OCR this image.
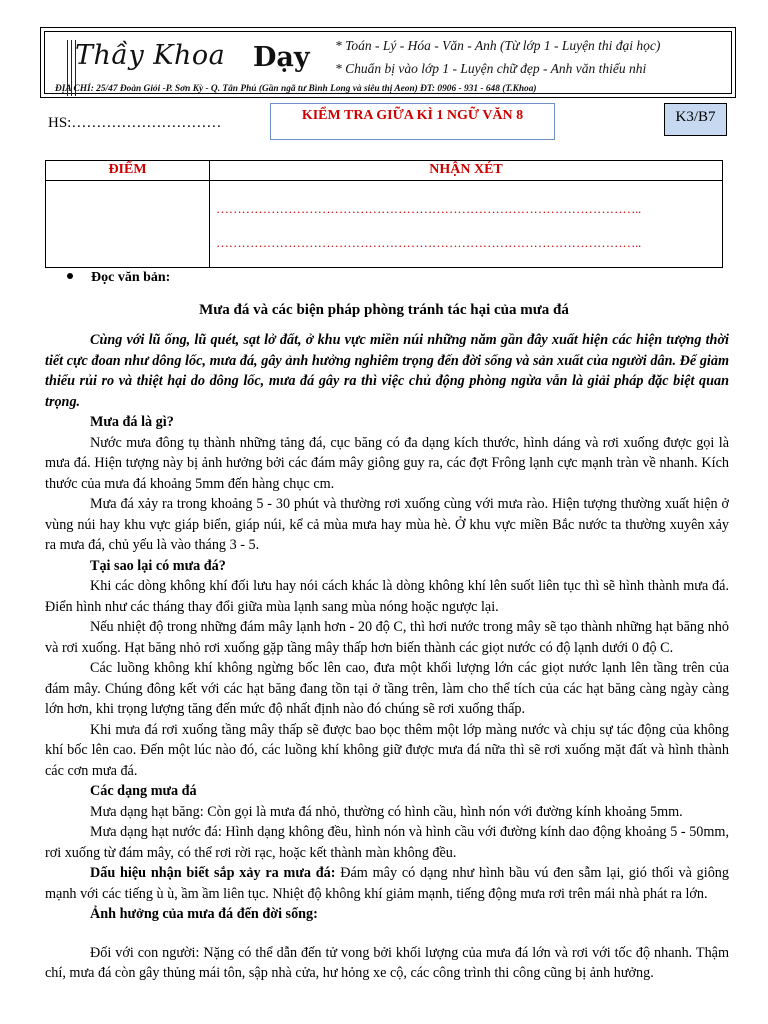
Thầy Khoa Dạy * Toán - Lý - Hóa - Văn - Anh (Từ lớp 1 - Luyện thi đại học)
* Chuẩn bị vào lớp 1 - Luyện chữ đẹp - Anh văn thiếu nhi
ĐỊA CHỈ: 25/47 Đoàn Giỏi -P. Sơn Kỳ - Q. Tân Phú (Gần ngã tư Bình Long và siêu thị Aeon) ĐT: 0906 - 931 - 648 (T.Khoa)
HS:…………………………	KIỂM TRA GIỮA KÌ 1 NGỮ VĂN 8	K3/B7
ĐIỂM	NHẬN XÉT
………………………………………………………………………………………..
………………………………………………………………………………………..
Đọc văn bản:
Mưa đá và các biện pháp phòng tránh tác hại của mưa đá

Cùng với lũ ống, lũ quét, sạt lở đất, ở khu vực miền núi những năm gần đây xuất hiện các hiện tượng thời tiết cực đoan như dông lốc, mưa đá, gây ảnh hưởng nghiêm trọng đến đời sống và sản xuất của người dân. Để giảm thiểu rủi ro và thiệt hại do dông lốc, mưa đá gây ra thì việc chủ động phòng ngừa vẫn là giải pháp đặc biệt quan trọng.

Mưa đá là gì?

Nước mưa đông tụ thành những tảng đá, cục băng có đa dạng kích thước, hình dáng và rơi xuống được gọi là mưa đá. Hiện tượng này bị ảnh hưởng bởi các đám mây giông guy ra, các đợt Frông lạnh cực mạnh tràn về nhanh. Kích thước của mưa đá khoảng 5mm đến hàng chục cm.

Mưa đá xảy ra trong khoảng 5 - 30 phút và thường rơi xuống cùng với mưa rào. Hiện tượng thường xuất hiện ở vùng núi hay khu vực giáp biển, giáp núi, kể cả mùa mưa hay mùa hè. Ở khu vực miền Bắc nước ta thường xuyên xảy ra mưa đá, chủ yếu là vào tháng 3 - 5.

Tại sao lại có mưa đá?

Khi các dòng không khí đối lưu hay nói cách khác là dòng không khí lên suốt liên tục thì sẽ hình thành mưa đá. Điển hình như các tháng thay đổi giữa mùa lạnh sang mùa nóng hoặc ngược lại.

Nếu nhiệt độ trong những đám mây lạnh hơn - 20 độ C, thì hơi nước trong mây sẽ tạo thành những hạt băng nhỏ và rơi xuống. Hạt băng nhỏ rơi xuống gặp tầng mây thấp hơn biến thành các giọt nước có độ lạnh dưới 0 độ C.

Các luồng không khí không ngừng bốc lên cao, đưa một khối lượng lớn các giọt nước lạnh lên tầng trên của đám mây. Chúng đông kết với các hạt băng đang tồn tại ở tầng trên, làm cho thể tích của các hạt băng càng ngày càng lớn hơn, khi trọng lượng tăng đến mức độ nhất định nào đó chúng sẽ rơi xuống thấp.

Khi mưa đá rơi xuống tầng mây thấp sẽ được bao bọc thêm một lớp màng nước và chịu sự tác động của không khí bốc lên cao. Đến một lúc nào đó, các luồng khí không giữ được mưa đá nữa thì sẽ rơi xuống mặt đất và hình thành các cơn mưa đá.

Các dạng mưa đá

Mưa dạng hạt băng: Còn gọi là mưa đá nhỏ, thường có hình cầu, hình nón với đường kính khoảng 5mm.

Mưa dạng hạt nước đá: Hình dạng không đều, hình nón và hình cầu với đường kính dao động khoảng 5 - 50mm, rơi xuống từ đám mây, có thể rơi rời rạc, hoặc kết thành màn không đều.

Dấu hiệu nhận biết sắp xảy ra mưa đá: Đám mây có dạng như hình bầu vú đen sẫm lại, gió thối và giông mạnh với các tiếng ù ù, ầm ầm liên tục. Nhiệt độ không khí giảm mạnh, tiếng động mưa rơi trên mái nhà phát ra lớn.

Ảnh hưởng của mưa đá đến đời sống:

Đối với con người: Nặng có thể dẫn đến tử vong bởi khối lượng của mưa đá lớn và rơi với tốc độ nhanh. Thậm chí, mưa đá còn gây thủng mái tôn, sập nhà cửa, hư hỏng xe cộ, các công trình thi công cũng bị ảnh hưởng.
